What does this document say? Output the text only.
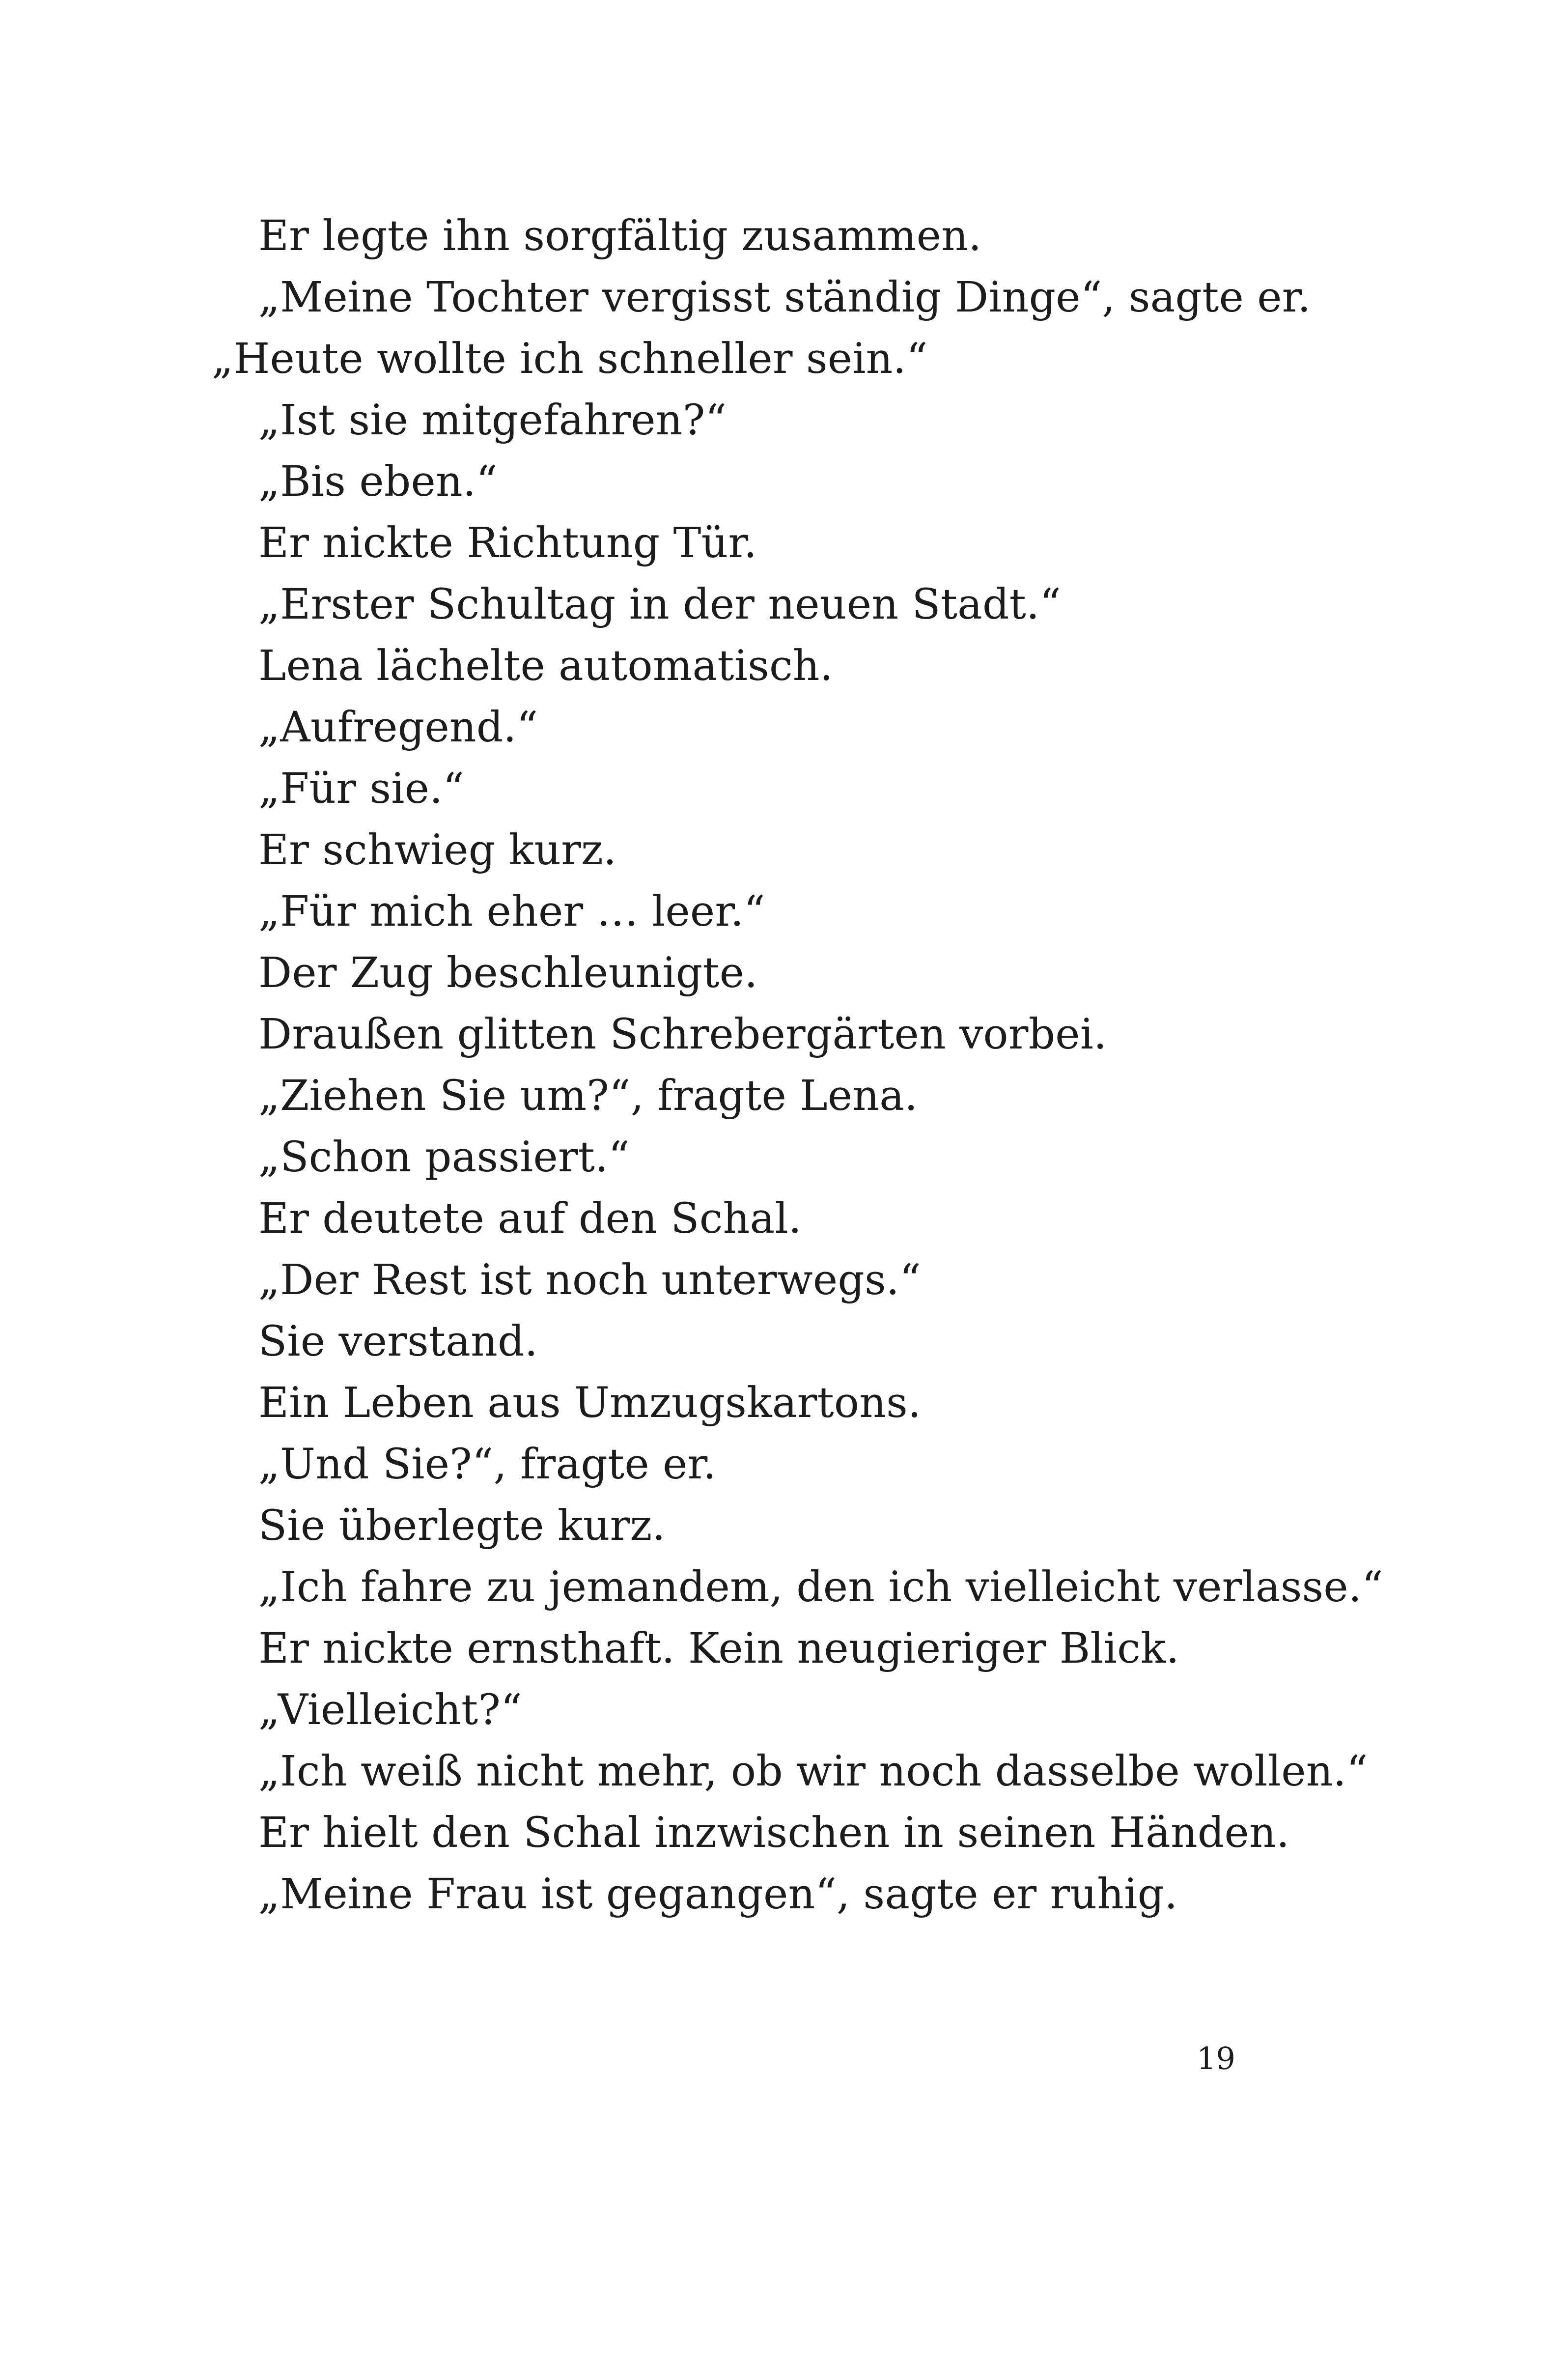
Er legte ihn sorgfältig zusammen.
„Meine Tochter vergisst ständig Dinge“, sagte er.
„Heute wollte ich schneller sein.“
„Ist sie mitgefahren?“
„Bis eben.“
Er nickte Richtung Tür.
„Erster Schultag in der neuen Stadt.“
Lena lächelte automatisch.
„Aufregend.“
„Für sie.“
Er schwieg kurz.
„Für mich eher … leer.“
Der Zug beschleunigte.
Draußen glitten Schrebergärten vorbei.
„Ziehen Sie um?“, fragte Lena.
„Schon passiert.“
Er deutete auf den Schal.
„Der Rest ist noch unterwegs.“
Sie verstand.
Ein Leben aus Umzugskartons.
„Und Sie?“, fragte er.
Sie überlegte kurz.
„Ich fahre zu jemandem, den ich vielleicht verlasse.“
Er nickte ernsthaft. Kein neugieriger Blick.
„Vielleicht?“
„Ich weiß nicht mehr, ob wir noch dasselbe wollen.“
Er hielt den Schal inzwischen in seinen Händen.
„Meine Frau ist gegangen“, sagte er ruhig.
19
